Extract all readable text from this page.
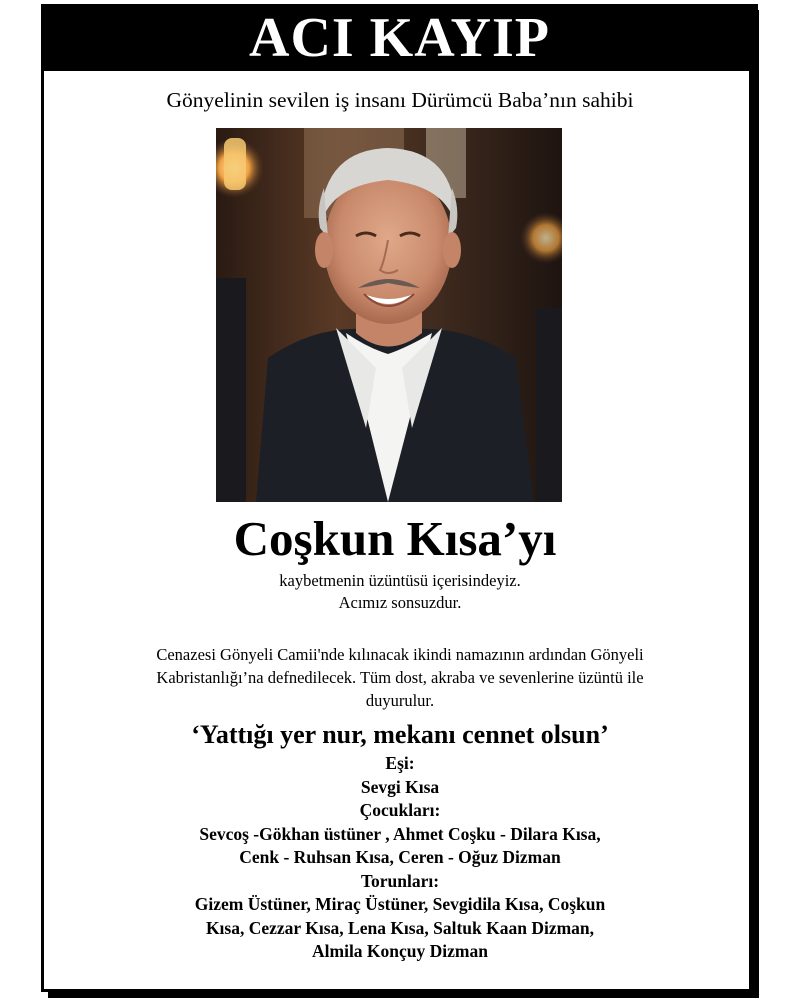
ACI KAYIP
Gönyelinin sevilen iş insanı Dürümcü Baba’nın sahibi
Coşkun Kısa’yı
kaybetmenin üzüntüsü içerisindeyiz.
Acımız sonsuzdur.
Cenazesi Gönyeli Camii'nde kılınacak ikindi namazının ardından Gönyeli
Kabristanlığı’na defnedilecek. Tüm dost, akraba ve sevenlerine üzüntü ile
duyurulur.
‘Yattığı yer nur, mekanı cennet olsun’
Eşi:
Sevgi Kısa
Çocukları:
Sevcoş -Gökhan üstüner , Ahmet Coşku - Dilara Kısa,
Cenk - Ruhsan Kısa, Ceren - Oğuz Dizman
Torunları:
Gizem Üstüner, Miraç Üstüner, Sevgidila Kısa, Coşkun
Kısa, Cezzar Kısa, Lena Kısa, Saltuk Kaan Dizman,
Almila Konçuy Dizman
